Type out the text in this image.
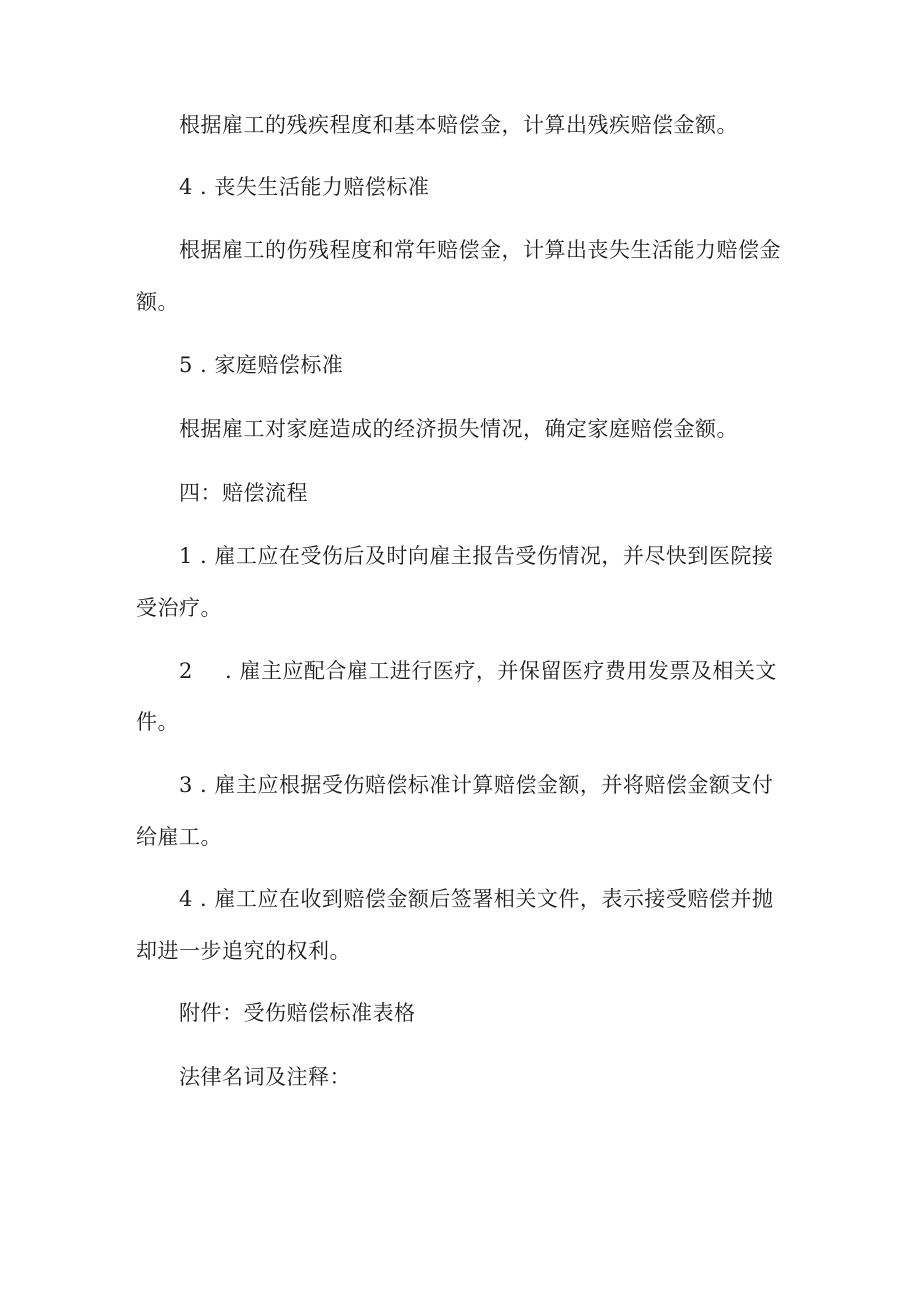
根据雇工的残疾程度和基本赔偿金，计算出残疾赔偿金额。
4 . 丧失生活能力赔偿标准
根据雇工的伤残程度和常年赔偿金，计算出丧失生活能力赔偿金
额。
5 . 家庭赔偿标准
根据雇工对家庭造成的经济损失情况，确定家庭赔偿金额。
四：赔偿流程
1 . 雇工应在受伤后及时向雇主报告受伤情况，并尽快到医院接
受治疗。
2 . 雇主应配合雇工进行医疗，并保留医疗费用发票及相关文
件。
3 . 雇主应根据受伤赔偿标准计算赔偿金额，并将赔偿金额支付
给雇工。
4 . 雇工应在收到赔偿金额后签署相关文件，表示接受赔偿并抛
却进一步追究的权利。
附件：受伤赔偿标准表格
法律名词及注释：
